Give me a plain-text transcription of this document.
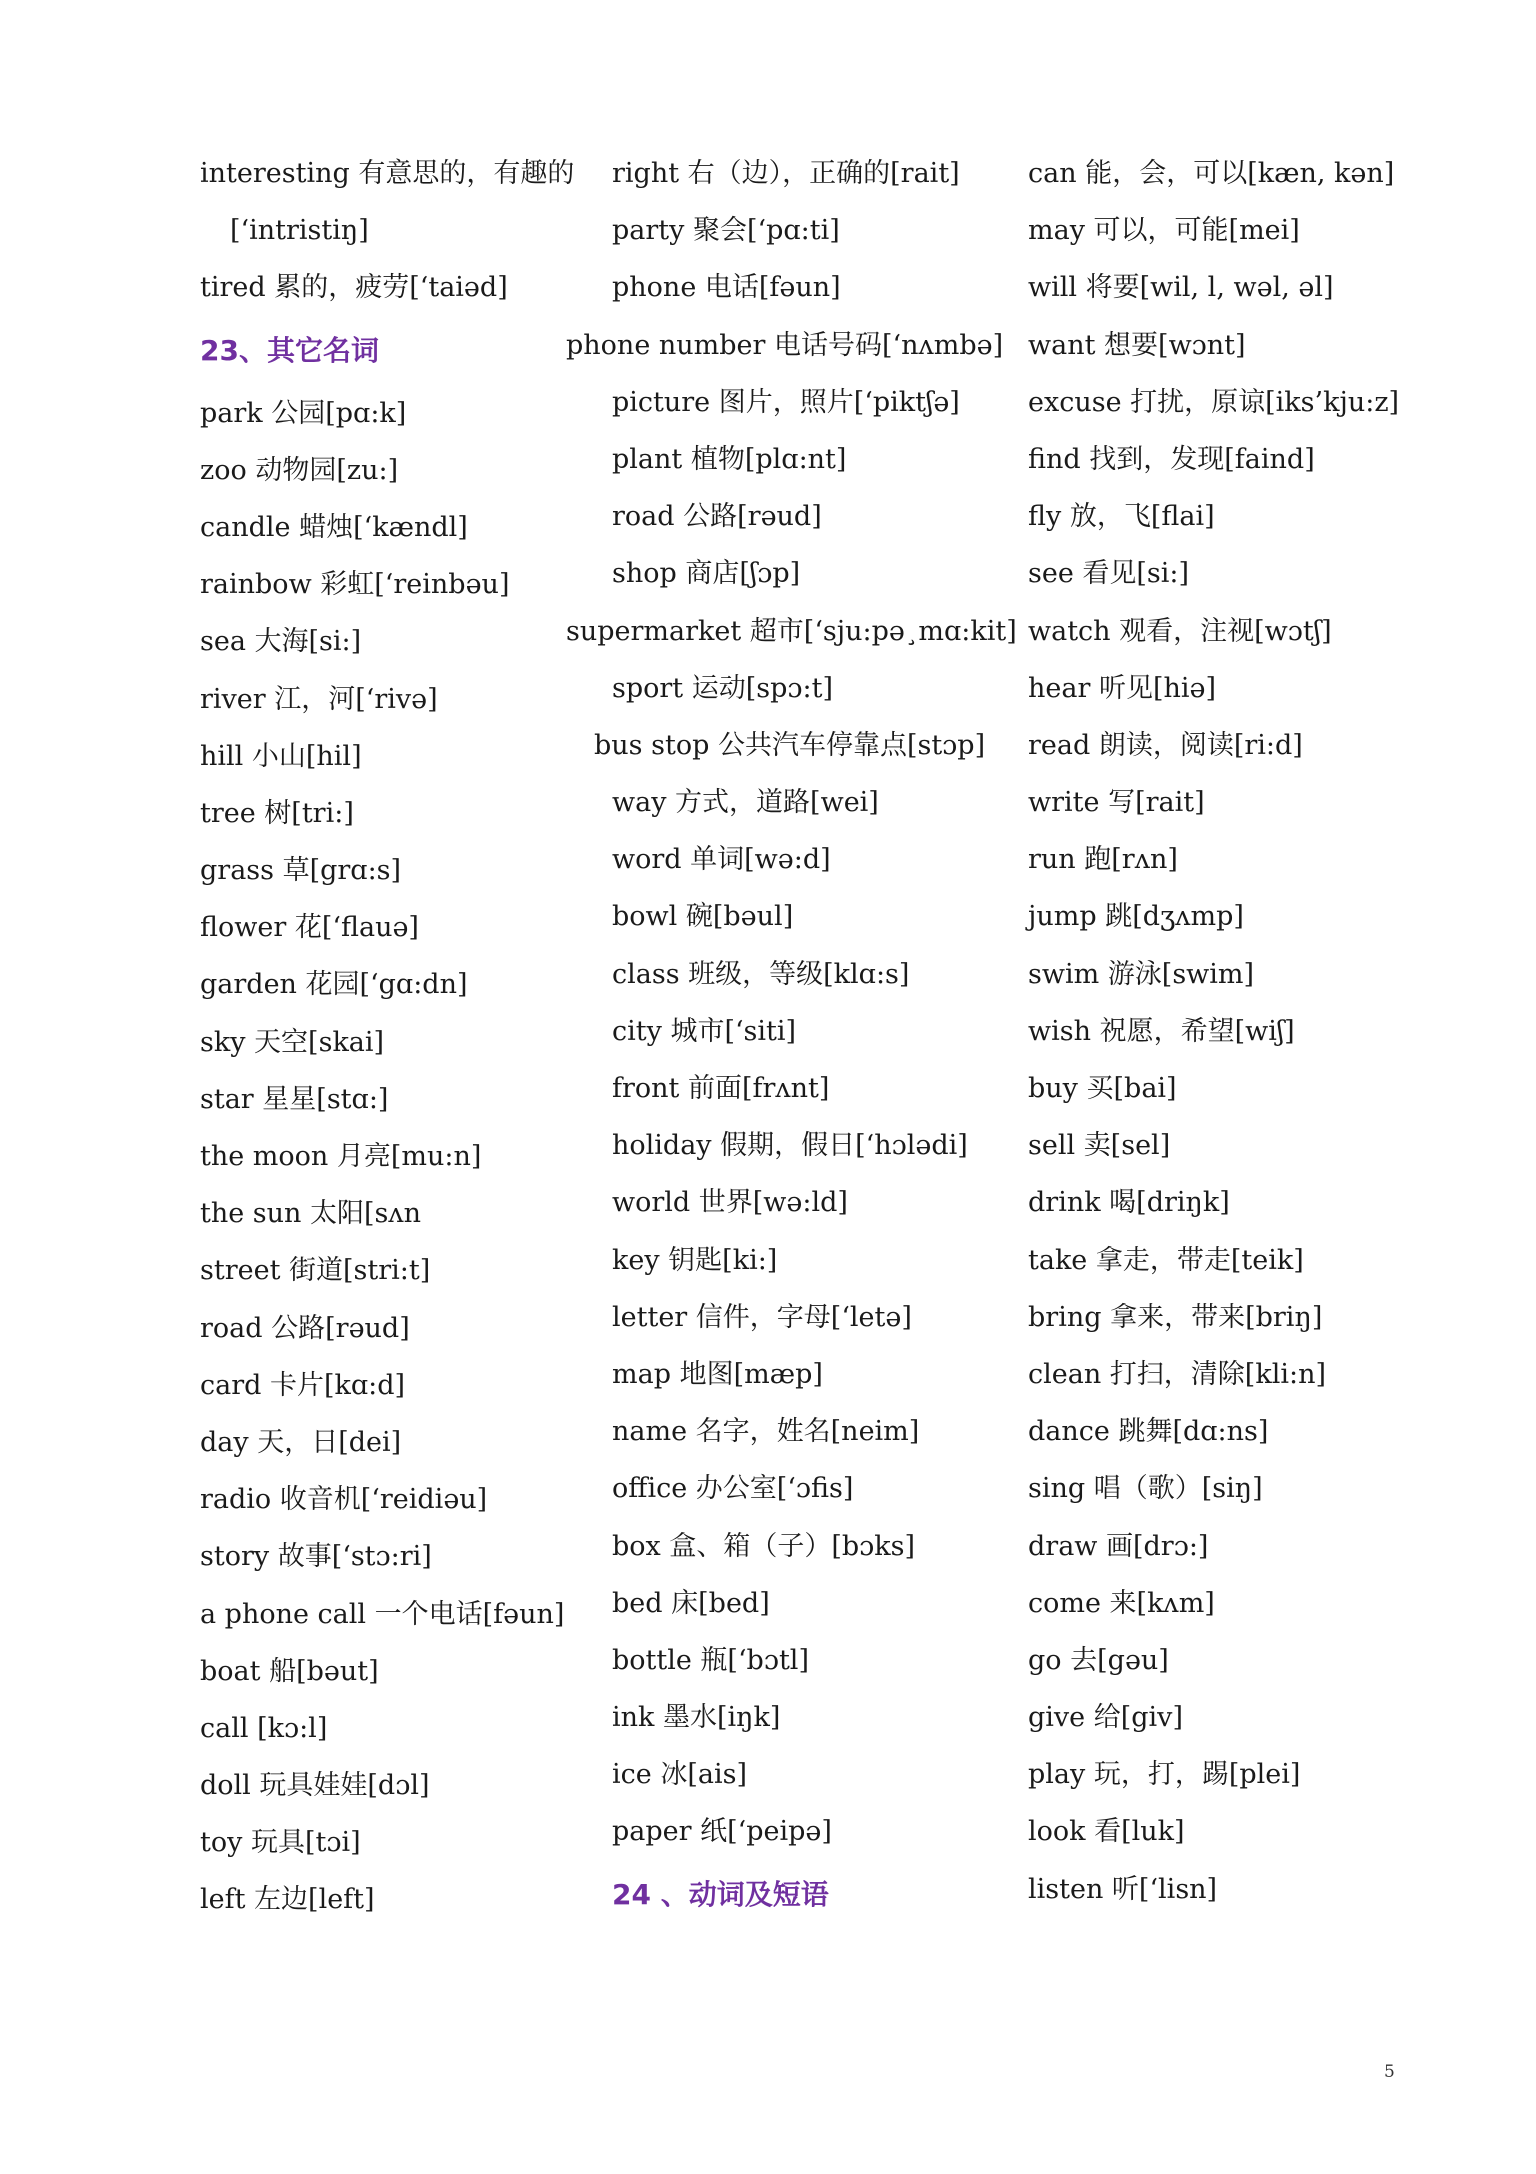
interesting 有意思的，有趣的
[‘intristiŋ]
tired 累的，疲劳[‘taiəd]
23、其它名词
park 公园[pɑ:k]
zoo 动物园[zu:]
candle 蜡烛[‘kændl]
rainbow 彩虹[‘reinbəu]
sea 大海[si:]
river 江，河[‘rivə]
hill 小山[hil]
tree 树[tri:]
grass 草[grɑ:s]
flower 花[‘flauə]
garden 花园[‘gɑ:dn]
sky 天空[skai]
star 星星[stɑ:]
the moon 月亮[mu:n]
the sun 太阳[sʌn
street 街道[stri:t]
road 公路[rəud]
card 卡片[kɑ:d]
day 天，日[dei]
radio 收音机[‘reidiəu]
story 故事[‘stɔ:ri]
a phone call 一个电话[fəun]
boat 船[bəut]
call [kɔ:l]
doll 玩具娃娃[dɔl]
toy 玩具[tɔi]
left 左边[left]
right 右（边），正确的[rait]
party 聚会[‘pɑ:ti]
phone 电话[fəun]
phone number 电话号码[‘nʌmbə]
picture 图片，照片[‘piktʃə]
plant 植物[plɑ:nt]
road 公路[rəud]
shop 商店[ʃɔp]
supermarket 超市[‘sju:pə¸mɑ:kit]
sport 运动[spɔ:t]
bus stop 公共汽车停靠点[stɔp]
way 方式，道路[wei]
word 单词[wə:d]
bowl 碗[bəul]
class 班级，等级[klɑ:s]
city 城市[‘siti]
front 前面[frʌnt]
holiday 假期，假日[‘hɔlədi]
world 世界[wə:ld]
key 钥匙[ki:]
letter 信件，字母[‘letə]
map 地图[mæp]
name 名字，姓名[neim]
office 办公室[‘ɔfis]
box 盒、箱（子）[bɔks]
bed 床[bed]
bottle 瓶[‘bɔtl]
ink 墨水[iŋk]
ice 冰[ais]
paper 纸[‘peipə]
24 、动词及短语
can 能，会，可以[kæn, kən]
may 可以，可能[mei]
will 将要[wil, l, wəl, əl]
want 想要[wɔnt]
excuse 打扰，原谅[iks’kju:z]
find 找到，发现[faind]
fly 放，飞[flai]
see 看见[si:]
watch 观看，注视[wɔtʃ]
hear 听见[hiə]
read 朗读，阅读[ri:d]
write 写[rait]
run 跑[rʌn]
jump 跳[dʒʌmp]
swim 游泳[swim]
wish 祝愿，希望[wiʃ]
buy 买[bai]
sell 卖[sel]
drink 喝[driŋk]
take 拿走，带走[teik]
bring 拿来，带来[briŋ]
clean 打扫，清除[kli:n]
dance 跳舞[dɑ:ns]
sing 唱（歌）[siŋ]
draw 画[drɔ:]
come 来[kʌm]
go 去[gəu]
give 给[giv]
play 玩，打，踢[plei]
look 看[luk]
listen 听[‘lisn]
5
